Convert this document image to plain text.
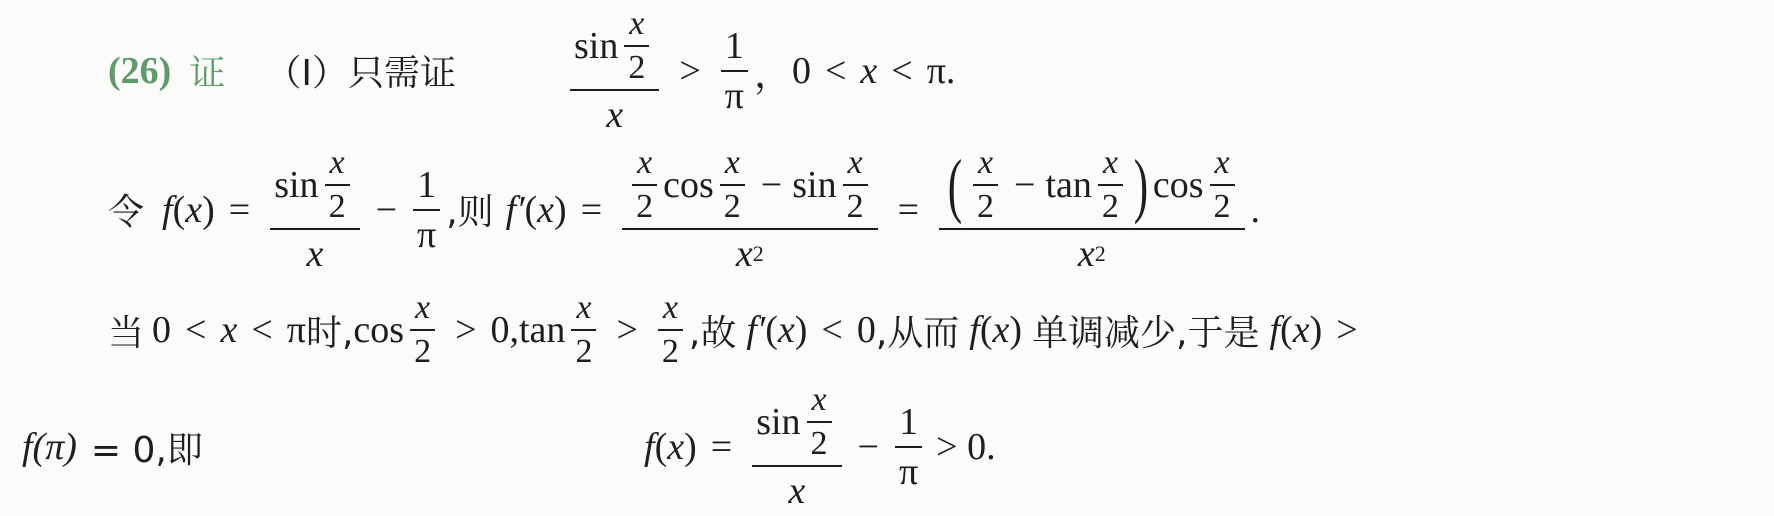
(26) 证 （Ⅰ） 只需证	$\frac{\sin \frac{x}{2}}{x} > \frac{1}{\pi}$ ， 0 < x < π .
令 f ( x ) = $\frac{\sin \frac{x}{2}}{x} - \frac{1}{\pi}$ ,则 f′ ( x ) = $\frac{x}{2}$ $\cos \frac{x}{2} - \sin \frac{x}{2}$
x 2
= ( $\frac{x}{2} - \tan \frac{x}{2}$ ) $\cos \frac{x}{2}$
x 2
.
当 0 < x < π 时, $\cos \frac{x}{2} > 0$ , $\tan \frac{x}{2} > \frac{x}{2}$ ,故 f′ ( x ) < 0 ,从而 f ( x ) 单调减少,于是 f ( x ) >
f(π) = 0,即	f ( x ) = $\frac{\sin \frac{x}{2}}{x} - \frac{1}{\pi} > 0$.
